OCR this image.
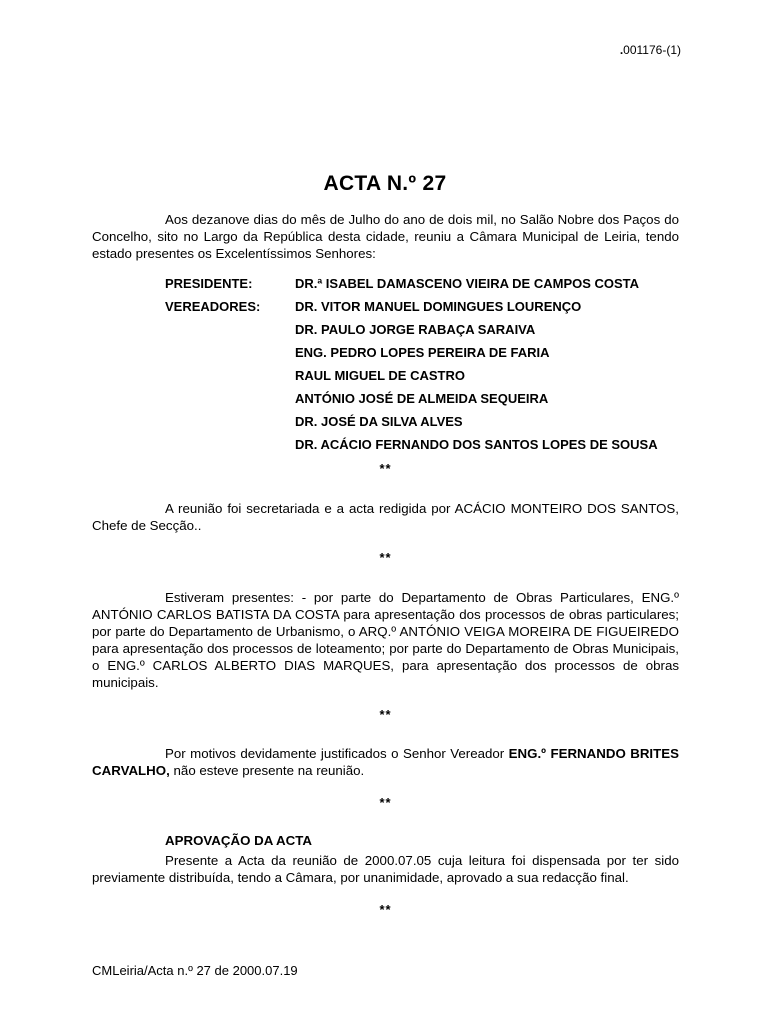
.001176-(1)
ACTA N.º 27

Aos dezanove dias do mês de Julho do ano de dois mil, no Salão Nobre dos Paços do Concelho, sito no Largo da República desta cidade, reuniu a Câmara Municipal de Leiria, tendo estado presentes os Excelentíssimos Senhores:

PRESIDENTE:	DR.ª ISABEL DAMASCENO VIEIRA DE CAMPOS COSTA
VEREADORES:	DR. VITOR MANUEL DOMINGUES LOURENÇO
DR. PAULO JORGE RABAÇA SARAIVA
ENG. PEDRO LOPES PEREIRA DE FARIA
RAUL MIGUEL DE CASTRO
ANTÓNIO JOSÉ DE ALMEIDA SEQUEIRA
DR. JOSÉ DA SILVA ALVES
DR. ACÁCIO FERNANDO DOS SANTOS LOPES DE SOUSA

**

A reunião foi secretariada e a acta redigida por ACÁCIO MONTEIRO DOS SANTOS, Chefe de Secção..

**

Estiveram presentes: - por parte do Departamento de Obras Particulares, ENG.º ANTÓNIO CARLOS BATISTA DA COSTA para apresentação dos processos de obras particulares; por parte do Departamento de Urbanismo, o ARQ.º ANTÓNIO VEIGA MOREIRA DE FIGUEIREDO para apresentação dos processos de loteamento; por parte do Departamento de Obras Municipais, o ENG.º CARLOS ALBERTO DIAS MARQUES, para apresentação dos processos de obras municipais.

**

Por motivos devidamente justificados o Senhor Vereador ENG.º FERNANDO BRITES CARVALHO, não esteve presente na reunião.

**

APROVAÇÃO DA ACTA

Presente a Acta da reunião de 2000.07.05 cuja leitura foi dispensada por ter sido previamente distribuída, tendo a Câmara, por unanimidade, aprovado a sua redacção final.

**

CMLeiria/Acta n.º 27 de 2000.07.19
